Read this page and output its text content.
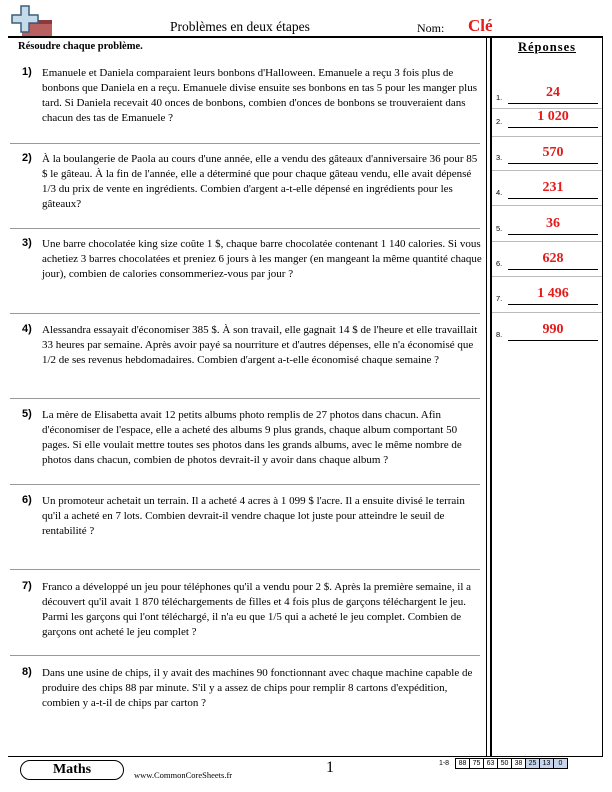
Problèmes en deux étapes	Nom: Clé
Résoudre chaque problème.	Réponses
1) Emanuele et Daniela comparaient leurs bonbons d'Halloween. Emanuele a reçu 3 fois plus de bonbons que Daniela en a reçu. Emanuele divise ensuite ses bonbons en tas 5 pour les manger plus tard. Si Daniela recevait 40 onces de bonbons, combien d'onces de bonbons se trouveraient dans chacun des tas de Emanuele ?
2) À la boulangerie de Paola au cours d'une année, elle a vendu des gâteaux d'anniversaire 36 pour 85 $ le gâteau. À la fin de l'année, elle a déterminé que pour chaque gâteau vendu, elle avait dépensé 1/3 du prix de vente en ingrédients. Combien d'argent a-t-elle dépensé en ingrédients pour les gâteaux?
3) Une barre chocolatée king size coûte 1 $, chaque barre chocolatée contenant 1 140 calories. Si vous achetiez 3 barres chocolatées et preniez 6 jours à les manger (en mangeant la même quantité chaque jour), combien de calories consommeriez-vous par jour ?
4) Alessandra essayait d'économiser 385 $. À son travail, elle gagnait 14 $ de l'heure et elle travaillait 33 heures par semaine. Après avoir payé sa nourriture et d'autres dépenses, elle n'a économisé que 1/2 de ses revenus hebdomadaires. Combien d'argent a-t-elle économisé chaque semaine ?
5) La mère de Elisabetta avait 12 petits albums photo remplis de 27 photos dans chacun. Afin d'économiser de l'espace, elle a acheté des albums 9 plus grands, chaque album comportant 50 pages. Si elle voulait mettre toutes ses photos dans les grands albums, avec le même nombre de photos dans chacun, combien de photos devrait-il y avoir dans chaque album ?
6) Un promoteur achetait un terrain. Il a acheté 4 acres à 1 099 $ l'acre. Il a ensuite divisé le terrain qu'il a acheté en 7 lots. Combien devrait-il vendre chaque lot juste pour atteindre le seuil de rentabilité ?
7) Franco a développé un jeu pour téléphones qu'il a vendu pour 2 $. Après la première semaine, il a découvert qu'il avait 1 870 téléchargements de filles et 4 fois plus de garçons téléchargent le jeu. Parmi les garçons qui l'ont téléchargé, il n'a eu que 1/5 qui a acheté le jeu complet. Combien de garçons ont acheté le jeu complet ?
8) Dans une usine de chips, il y avait des machines 90 fonctionnant avec chaque machine capable de produire des chips 88 par minute. S'il y a assez de chips pour remplir 8 cartons d'expédition, combien y a-t-il de chips par carton ?
1.	24
2.	1 020
3.	570
4.	231
5.	36
6.	628
7.	1 496
8.	990
Maths	www.CommonCoreSheets.fr	1	1-8	88 75 63 50 38 25 13	0
